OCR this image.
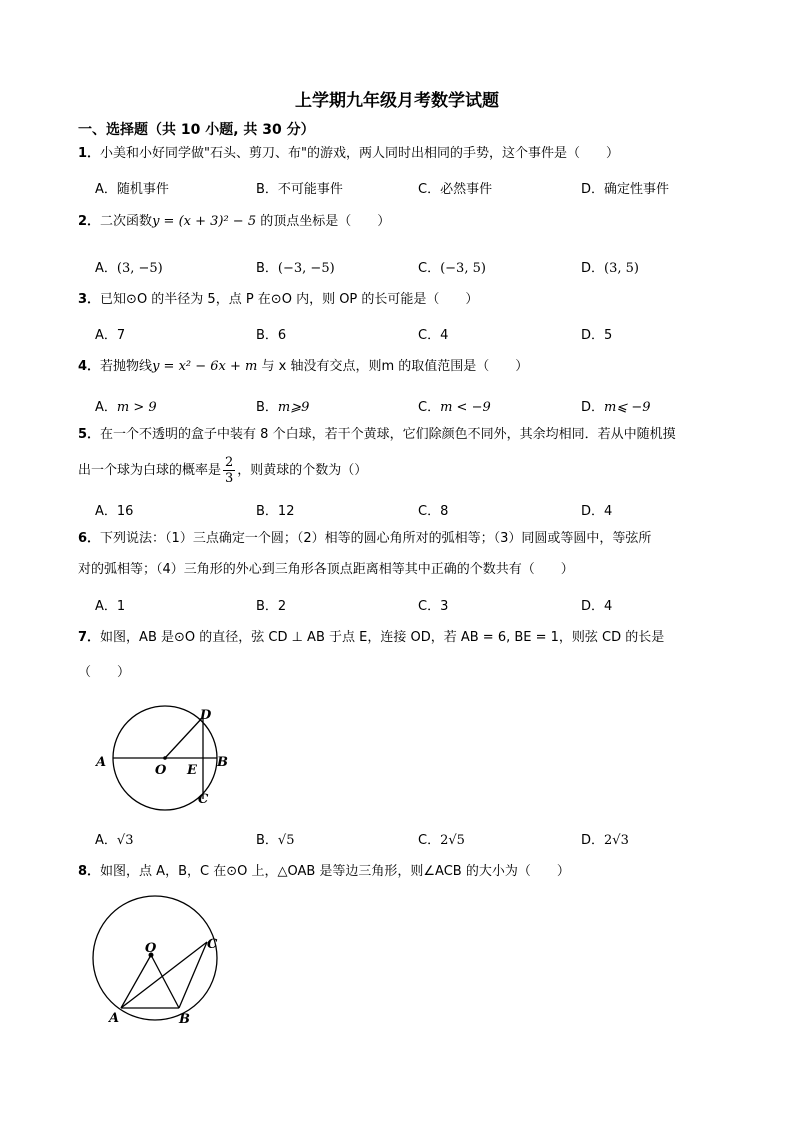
上学期九年级月考数学试题
一、选择题（共 10 小题, 共 30 分）
1．小美和小好同学做"石头、剪刀、布"的游戏，两人同时出相同的手势，这个事件是（　　）
A．随机事件	B．不可能事件	C．必然事件	D．确定性事件
2．二次函数y = (x + 3)² − 5 的顶点坐标是（　　）
A．(3, −5)	B．(−3, −5)	C．(−3, 5)	D．(3, 5)
3．已知⊙O 的半径为 5，点 P 在⊙O 内，则 OP 的长可能是（　　）
A．7	B．6	C．4	D．5
4．若抛物线y = x² − 6x + m 与 x 轴没有交点，则m 的取值范围是（　　）
A．m > 9	B．m⩾9	C．m < −9	D．m⩽ −9
5．在一个不透明的盒子中装有 8 个白球，若干个黄球，它们除颜色不同外，其余均相同．若从中随机摸
出一个球为白球的概率是 $\frac{2}{3}$ ，则黄球的个数为（）
A．16	B．12	C．8	D．4
6．下列说法：（1）三点确定一个圆；（2）相等的圆心角所对的弧相等；（3）同圆或等圆中，等弦所
对的弧相等；（4）三角形的外心到三角形各顶点距离相等其中正确的个数共有（　　）
A．1	B．2	C．3	D．4
7．如图，AB 是⊙O 的直径，弦 CD ⊥ AB 于点 E，连接 OD，若 AB = 6, BE = 1，则弦 CD 的长是
（　　）
A
O E
B
C
D
A．√3	B．√5	C．2√5	D．2√3
8．如图，点 A，B，C 在⊙O 上，△OAB 是等边三角形，则∠ACB 的大小为（　　）
O	C
A	B
